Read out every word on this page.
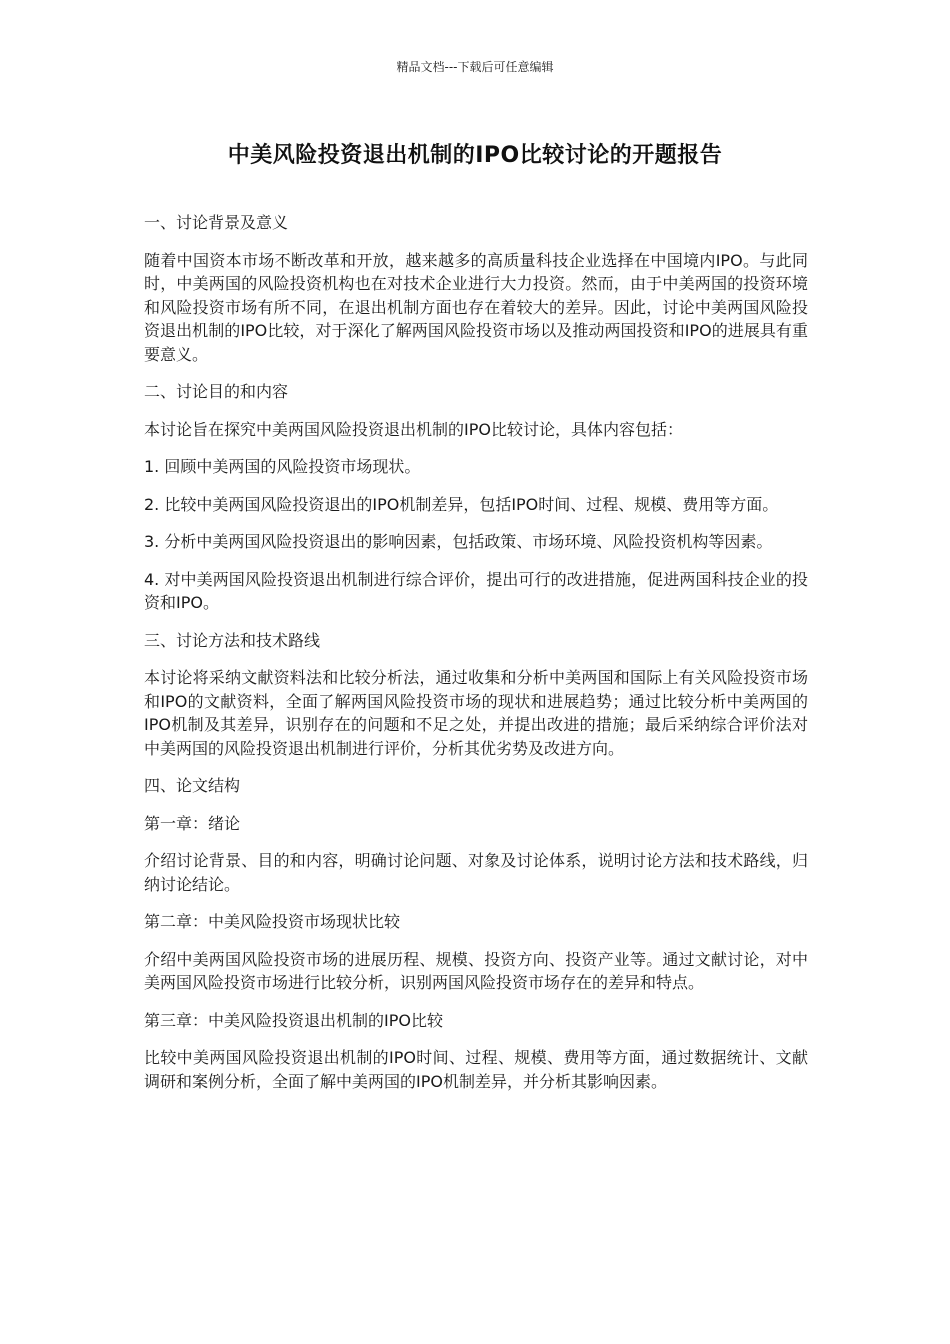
精品文档---下载后可任意编辑
中美风险投资退出机制的IPO比较讨论的开题报告

一、讨论背景及意义

随着中国资本市场不断改革和开放，越来越多的高质量科技企业选择在中国境内IPO。与此同时，中美两国的风险投资机构也在对技术企业进行大力投资。然而，由于中美两国的投资环境和风险投资市场有所不同，在退出机制方面也存在着较大的差异。因此，讨论中美两国风险投资退出机制的IPO比较，对于深化了解两国风险投资市场以及推动两国投资和IPO的进展具有重要意义。

二、讨论目的和内容

本讨论旨在探究中美两国风险投资退出机制的IPO比较讨论，具体内容包括：

1. 回顾中美两国的风险投资市场现状。

2. 比较中美两国风险投资退出的IPO机制差异，包括IPO时间、过程、规模、费用等方面。

3. 分析中美两国风险投资退出的影响因素，包括政策、市场环境、风险投资机构等因素。

4. 对中美两国风险投资退出机制进行综合评价，提出可行的改进措施，促进两国科技企业的投资和IPO。

三、讨论方法和技术路线

本讨论将采纳文献资料法和比较分析法，通过收集和分析中美两国和国际上有关风险投资市场和IPO的文献资料，全面了解两国风险投资市场的现状和进展趋势；通过比较分析中美两国的IPO机制及其差异，识别存在的问题和不足之处，并提出改进的措施；最后采纳综合评价法对中美两国的风险投资退出机制进行评价，分析其优劣势及改进方向。

四、论文结构

第一章：绪论

介绍讨论背景、目的和内容，明确讨论问题、对象及讨论体系，说明讨论方法和技术路线，归纳讨论结论。

第二章：中美风险投资市场现状比较

介绍中美两国风险投资市场的进展历程、规模、投资方向、投资产业等。通过文献讨论，对中美两国风险投资市场进行比较分析，识别两国风险投资市场存在的差异和特点。

第三章：中美风险投资退出机制的IPO比较

比较中美两国风险投资退出机制的IPO时间、过程、规模、费用等方面，通过数据统计、文献调研和案例分析，全面了解中美两国的IPO机制差异，并分析其影响因素。
